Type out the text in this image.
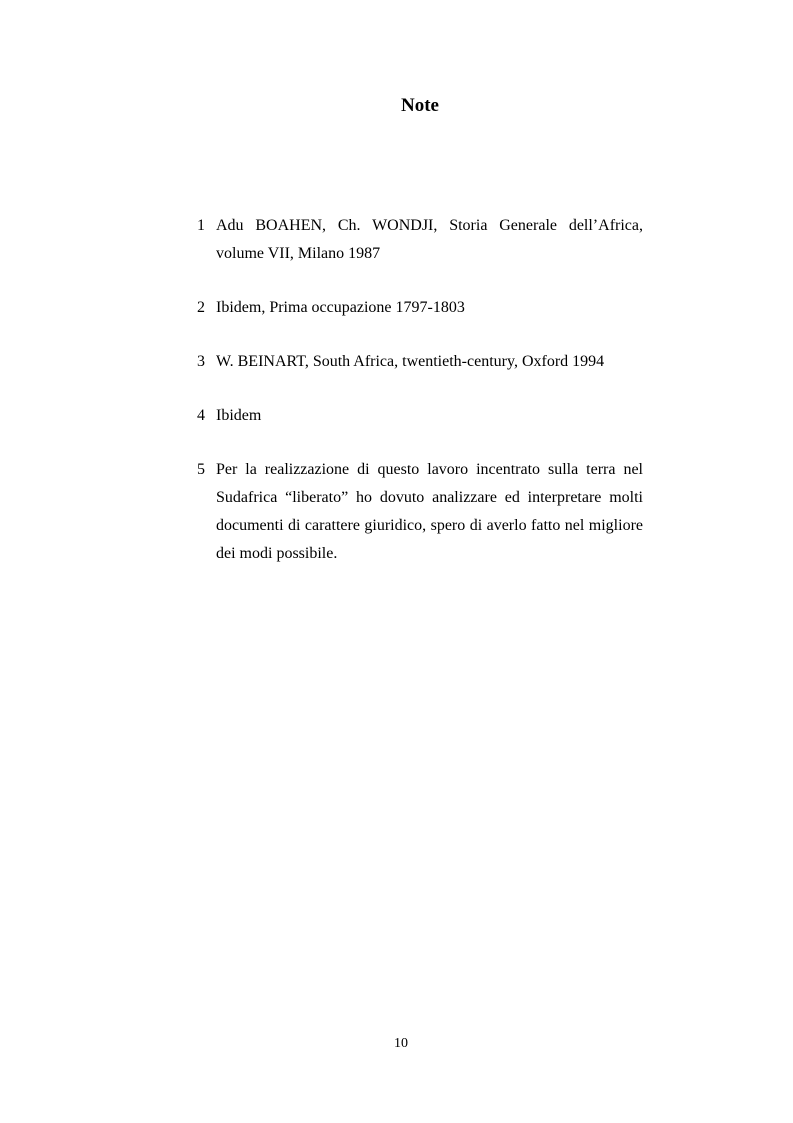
Note
1 Adu BOAHEN, Ch. WONDJI, Storia Generale dell’Africa, volume VII, Milano 1987
2 Ibidem, Prima occupazione 1797-1803
3 W. BEINART, South Africa, twentieth-century, Oxford 1994
4 Ibidem
5 Per la realizzazione di questo lavoro incentrato sulla terra nel Sudafrica “liberato” ho dovuto analizzare ed interpretare molti documenti di carattere giuridico, spero di averlo fatto nel migliore dei modi possibile.
10
